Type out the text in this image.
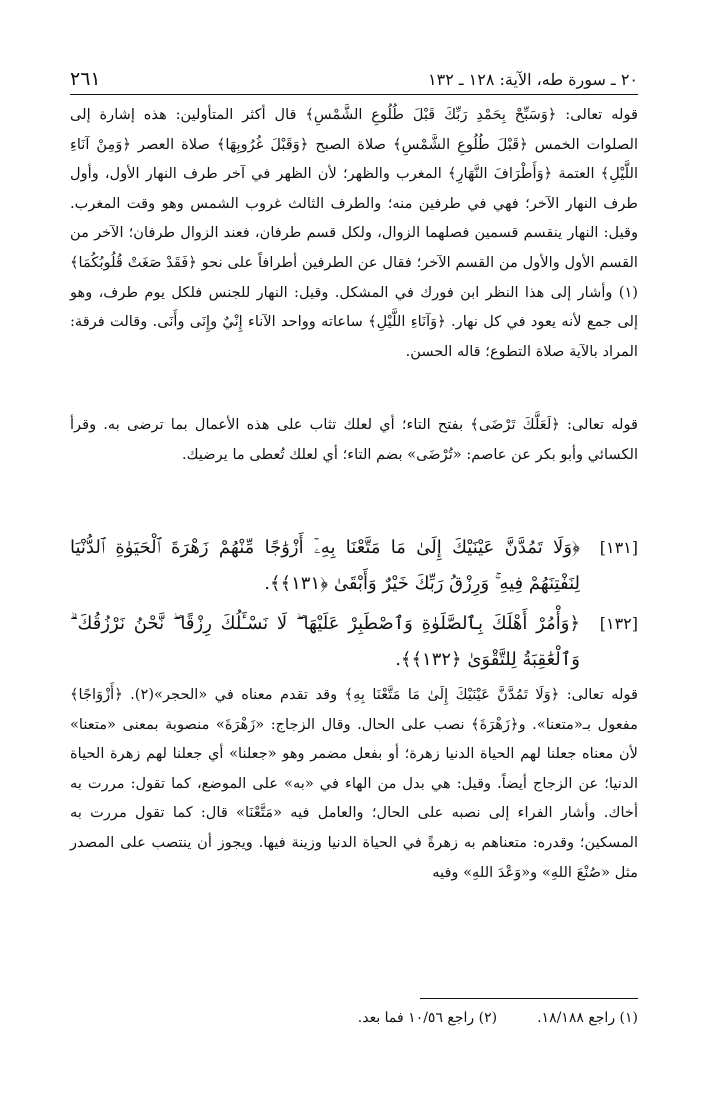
٢٦١	٢٠ ـ سورة طه، الآية: ١٢٨ ـ ١٣٢

قوله تعالى: ﴿وَسَبِّحْ بِحَمْدِ رَبِّكَ قَبْلَ طُلُوعِ الشَّمْسِ﴾ قال أكثر المتأولين: هذه إشارة إلى الصلوات الخمس ﴿قَبْلَ طُلُوعِ الشَّمْسِ﴾ صلاة الصبح ﴿وَقَبْلَ غُرُوبِهَا﴾ صلاة العصر ﴿وَمِنْ آنَاءِ اللَّيْلِ﴾ العتمة ﴿وَأَطْرَافَ النَّهَارِ﴾ المغرب والظهر؛ لأن الظهر في آخر طرف النهار الأول، وأول طرف النهار الآخر؛ فهي في طرفين منه؛ والطرف الثالث غروب الشمس وهو وقت المغرب. وقيل: النهار ينقسم قسمين فصلهما الزوال، ولكل قسم طرفان، فعند الزوال طرفان؛ الآخر من القسم الأول والأول من القسم الآخر؛ فقال عن الطرفين أطرافاً على نحو ﴿فَقَدْ صَغَتْ قُلُوبُكُمَا﴾(١) وأشار إلى هذا النظر ابن فورك في المشكل. وقيل: النهار للجنس فلكل يوم طرف، وهو إلى جمع لأنه يعود في كل نهار. ﴿وَآنَاءِ اللَّيْلِ﴾ ساعاته وواحد الآناء إِنْيٌ وإِنَى وأَنَى. وقالت فرقة: المراد بالآية صلاة التطوع؛ قاله الحسن.

قوله تعالى: ﴿لَعَلَّكَ تَرْضَى﴾ بفتح التاء؛ أي لعلك تثاب على هذه الأعمال بما ترضى به. وقرأ الكسائي وأبو بكر عن عاصم: «تُرْضَى» بضم التاء؛ أي لعلك تُعطى ما يرضيك.

[١٣١]
﴿وَلَا تَمُدَّنَّ عَيْنَيْكَ إِلَىٰ مَا مَتَّعْنَا بِهِۦٓ أَزْوَٰجًا مِّنْهُمْ زَهْرَةَ ٱلْحَيَوٰةِ ٱلدُّنْيَا لِنَفْتِنَهُمْ فِيهِ ۚ وَرِزْقُ رَبِّكَ خَيْرٌ وَأَبْقَىٰ ﴿١٣١﴾﴾.
[١٣٢]
﴿وَأْمُرْ أَهْلَكَ بِٱلصَّلَوٰةِ وَٱصْطَبِرْ عَلَيْهَا ۖ لَا نَسْـَٔلُكَ رِزْقًا ۖ نَّحْنُ نَرْزُقُكَ ۗ وَٱلْعَٰقِبَةُ لِلتَّقْوَىٰ ﴿١٣٢﴾﴾.

قوله تعالى: ﴿وَلَا تَمُدَّنَّ عَيْنَيْكَ إِلَىٰ مَا مَتَّعْنَا بِهِ﴾ وقد تقدم معناه في «الحجر»(٢). ﴿أَزْوَاجًا﴾ مفعول بـ«متعنا». و﴿زَهْرَةَ﴾ نصب على الحال. وقال الزجاج: «زَهْرَةَ» منصوبة بمعنى «متعنا» لأن معناه جعلنا لهم الحياة الدنيا زهرة؛ أو بفعل مضمر وهو «جعلنا» أي جعلنا لهم زهرة الحياة الدنيا؛ عن الزجاج أيضاً. وقيل: هي بدل من الهاء في «به» على الموضع، كما تقول: مررت به أخاك. وأشار الفراء إلى نصبه على الحال؛ والعامل فيه «مَتَّعْنَا» قال: كما تقول مررت به المسكين؛ وقدره: متعناهم به زهرةً في الحياة الدنيا وزينة فيها. ويجوز أن ينتصب على المصدر مثل «صُنْعَ اللهِ» و«وَعْدَ اللهِ» وفيه

(١) راجع ١٨/١٨٨.
(٢) راجع ١٠/٥٦ فما بعد.
